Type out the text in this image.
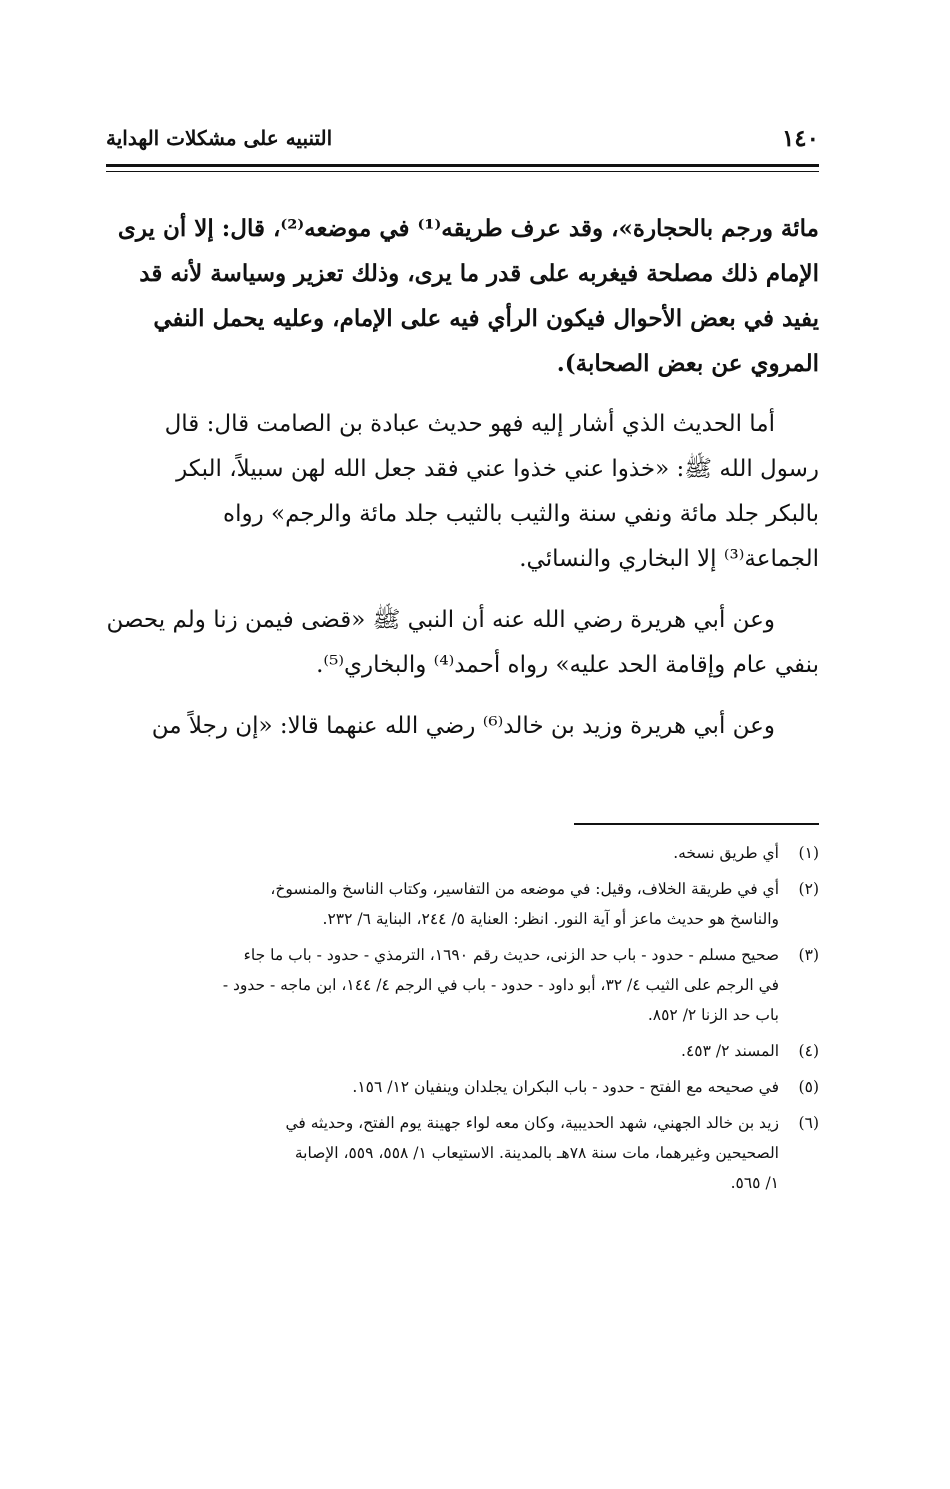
١٤٠
التنبيه على مشكلات الهداية

مائة ورجم بالحجارة»، وقد عرف طريقه⁽¹⁾ في موضعه⁽²⁾، قال: إلا أن يرى

الإمام ذلك مصلحة فيغربه على قدر ما يرى، وذلك تعزير وسياسة لأنه قد

يفيد في بعض الأحوال فيكون الرأي فيه على الإمام، وعليه يحمل النفي

المروي عن بعض الصحابة).

أما الحديث الذي أشار إليه فهو حديث عبادة بن الصامت قال: قال

رسول الله ﷺ: «خذوا عني خذوا عني فقد جعل الله لهن سبيلاً، البكر

بالبكر جلد مائة ونفي سنة والثيب بالثيب جلد مائة والرجم» رواه

الجماعة⁽³⁾ إلا البخاري والنسائي.

وعن أبي هريرة رضي الله عنه أن النبي ﷺ «قضى فيمن زنا ولم يحصن

بنفي عام وإقامة الحد عليه» رواه أحمد⁽⁴⁾ والبخاري⁽⁵⁾.

وعن أبي هريرة وزيد بن خالد⁽⁶⁾ رضي الله عنهما قالا: «إن رجلاً من

(١)

أي طريق نسخه.

(٢)

أي في طريقة الخلاف، وقيل: في موضعه من التفاسير، وكتاب الناسخ والمنسوخ،

والناسخ هو حديث ماعز أو آية النور. انظر: العناية ٥/ ٢٤٤، البناية ٦/ ٢٣٢.

(٣)

صحيح مسلم - حدود - باب حد الزنى، حديث رقم ١٦٩٠، الترمذي - حدود - باب ما جاء

في الرجم على الثيب ٤/ ٣٢، أبو داود - حدود - باب في الرجم ٤/ ١٤٤، ابن ماجه - حدود -

باب حد الزنا ٢/ ٨٥٢.

(٤)

المسند ٢/ ٤٥٣.

(٥)

في صحيحه مع الفتح - حدود - باب البكران يجلدان وينفيان ١٢/ ١٥٦.

(٦)

زيد بن خالد الجهني، شهد الحديبية، وكان معه لواء جهينة يوم الفتح، وحديثه في

الصحيحين وغيرهما، مات سنة ٧٨هـ بالمدينة. الاستيعاب ١/ ٥٥٨، ٥٥٩، الإصابة

١/ ٥٦٥.
